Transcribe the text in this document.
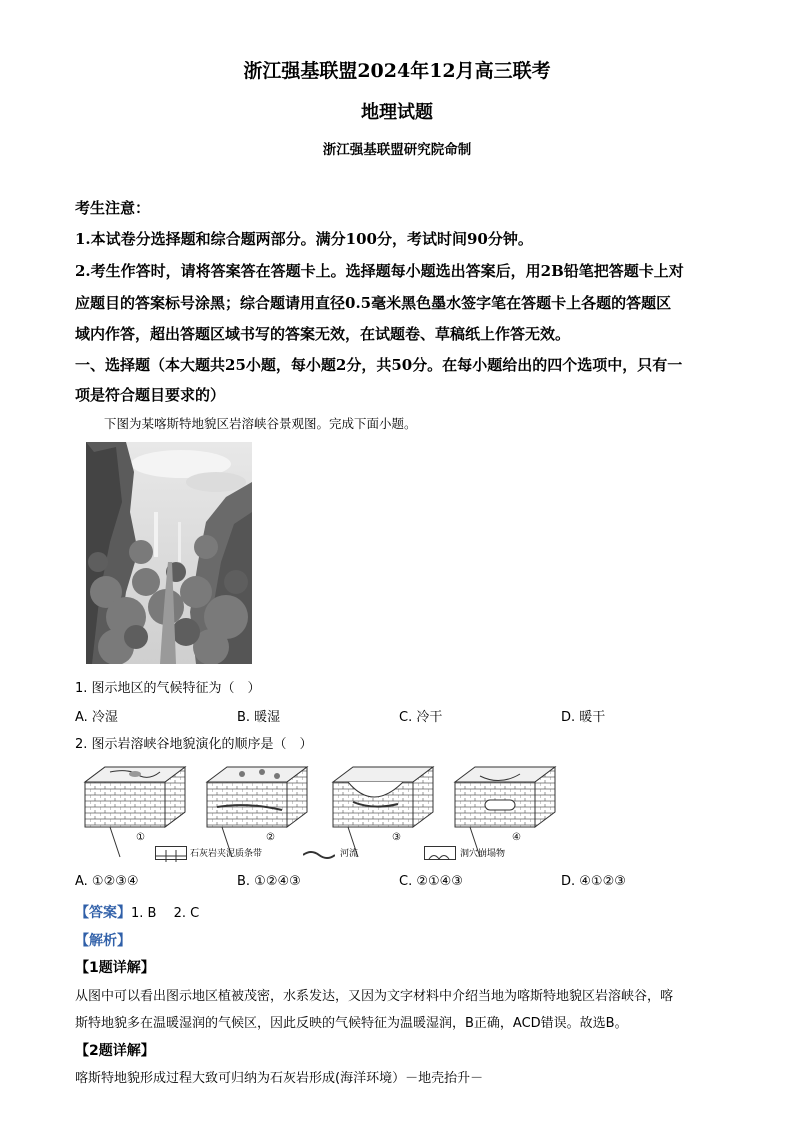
浙江强基联盟2024年12月高三联考
地理试题
浙江强基联盟研究院命制
考生注意：
1.本试卷分选择题和综合题两部分。满分100分，考试时间90分钟。
2.考生作答时，请将答案答在答题卡上。选择题每小题选出答案后，用2B铅笔把答题卡上对
应题目的答案标号涂黑；综合题请用直径0.5毫米黑色墨水签字笔在答题卡上各题的答题区
域内作答，超出答题区域书写的答案无效，在试题卷、草稿纸上作答无效。
一、选择题（本大题共25小题，每小题2分，共50分。在每小题给出的四个选项中，只有一
项是符合题目要求的）
下图为某喀斯特地貌区岩溶峡谷景观图。完成下面小题。
1. 图示地区的气候特征为（　）
A. 冷湿	B. 暖湿	C. 冷干	D. 暖干
2. 图示岩溶峡谷地貌演化的顺序是（　）
①	②	③	④
石灰岩夹泥质条带	河流	洞穴崩塌物
A. ①②③④	B. ①②④③	C. ②①④③	D. ④①②③
【答案】1. B　 2. C
【解析】
【1题详解】
从图中可以看出图示地区植被茂密，水系发达，又因为文字材料中介绍当地为喀斯特地貌区岩溶峡谷，喀
斯特地貌多在温暖湿润的气候区，因此反映的气候特征为温暖湿润，B正确，ACD错误。故选B。
【2题详解】
喀斯特地貌形成过程大致可归纳为石灰岩形成(海洋环境）－地壳抬升－
